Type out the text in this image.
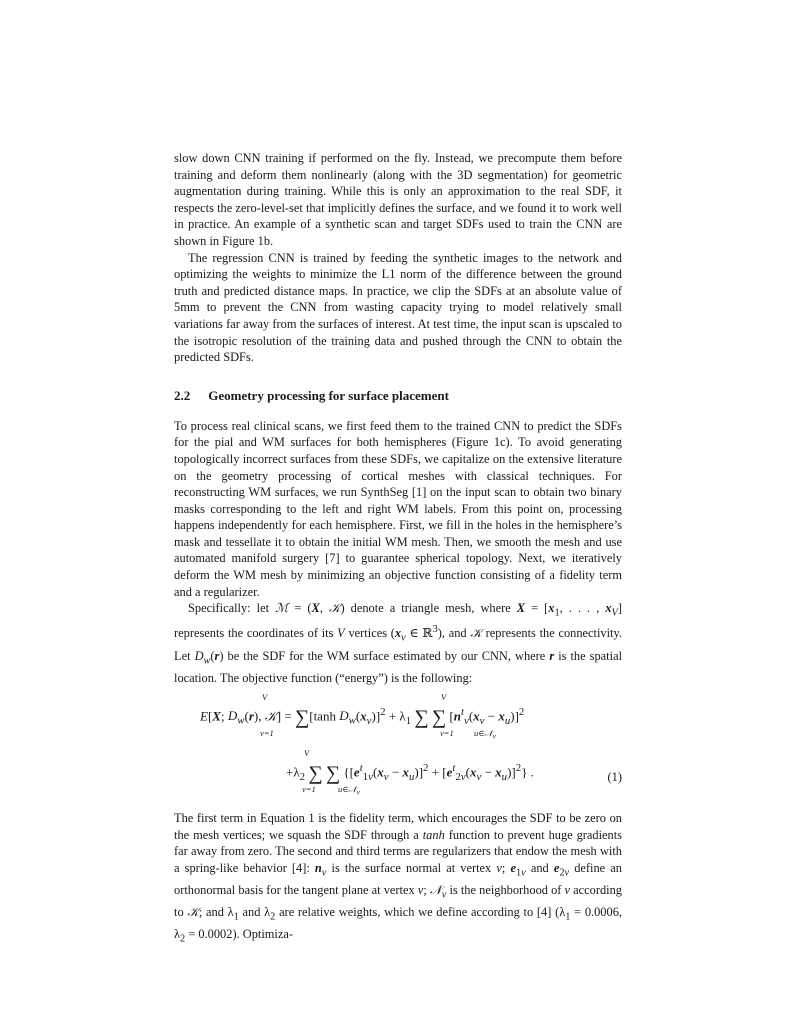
slow down CNN training if performed on the fly. Instead, we precompute them before training and deform them nonlinearly (along with the 3D segmentation) for geometric augmentation during training. While this is only an approximation to the real SDF, it respects the zero-level-set that implicitly defines the surface, and we found it to work well in practice. An example of a synthetic scan and target SDFs used to train the CNN are shown in Figure 1b.

The regression CNN is trained by feeding the synthetic images to the network and optimizing the weights to minimize the L1 norm of the difference between the ground truth and predicted distance maps. In practice, we clip the SDFs at an absolute value of 5mm to prevent the CNN from wasting capacity trying to model relatively small variations far away from the surfaces of interest. At test time, the input scan is upscaled to the isotropic resolution of the training data and pushed through the CNN to obtain the predicted SDFs.

2.2 Geometry processing for surface placement

To process real clinical scans, we first feed them to the trained CNN to predict the SDFs for the pial and WM surfaces for both hemispheres (Figure 1c). To avoid generating topologically incorrect surfaces from these SDFs, we capitalize on the extensive literature on the geometry processing of cortical meshes with classical techniques. For reconstructing WM surfaces, we run SynthSeg [1] on the input scan to obtain two binary masks corresponding to the left and right WM labels. From this point on, processing happens independently for each hemisphere. First, we fill in the holes in the hemisphere’s mask and tessellate it to obtain the initial WM mesh. Then, we smooth the mesh and use automated manifold surgery [7] to guarantee spherical topology. Next, we iteratively deform the WM mesh by minimizing an objective function consisting of a fidelity term and a regularizer.

Specifically: let ℳ = (X, 𝒦) denote a triangle mesh, where $X = [x_1$, . . . , $x_V$] represents the coordinates of its V vertices ($x_v$ ∈ ℝ$^3$), and 𝒦 represents the connectivity. Let $D_w(r)$ be the SDF for the WM surface estimated by our CNN, where r is the spatial location. The objective function (“energy”) is the following:

V
v=1
V
v=1 u∈𝒩$_v$
E[X; $D_w(r)$, 𝒦] = ∑[tanh $D_w(x_v)]^2 + \lambda_1$ ∑ ∑ $[n^t_v(x_v - x_u)]^2$
V
v=1	u∈𝒩$_v$
$+\lambda_2$ ∑ ∑ $\{[e^t_{1v}(x_v - x_u)]^2 + [e^t_{2v}(x_v - x_u)]^2\}$ .	(1)

The first term in Equation 1 is the fidelity term, which encourages the SDF to be zero on the mesh vertices; we squash the SDF through a tanh function to prevent huge gradients far away from zero. The second and third terms are regularizers that endow the mesh with a spring-like behavior [4]: $n_v$ is the surface normal at vertex v; $e_{1v}$ and $e_{2v}$ define an orthonormal basis for the tangent plane at vertex v; 𝒩$_v$ is the neighborhood of v according to 𝒦; and $\lambda_1$ and $\lambda_2$ are relative weights, which we define according to [4] ($\lambda_1 = 0.0006$, $\lambda_2 = 0.0002$). Optimiza-
